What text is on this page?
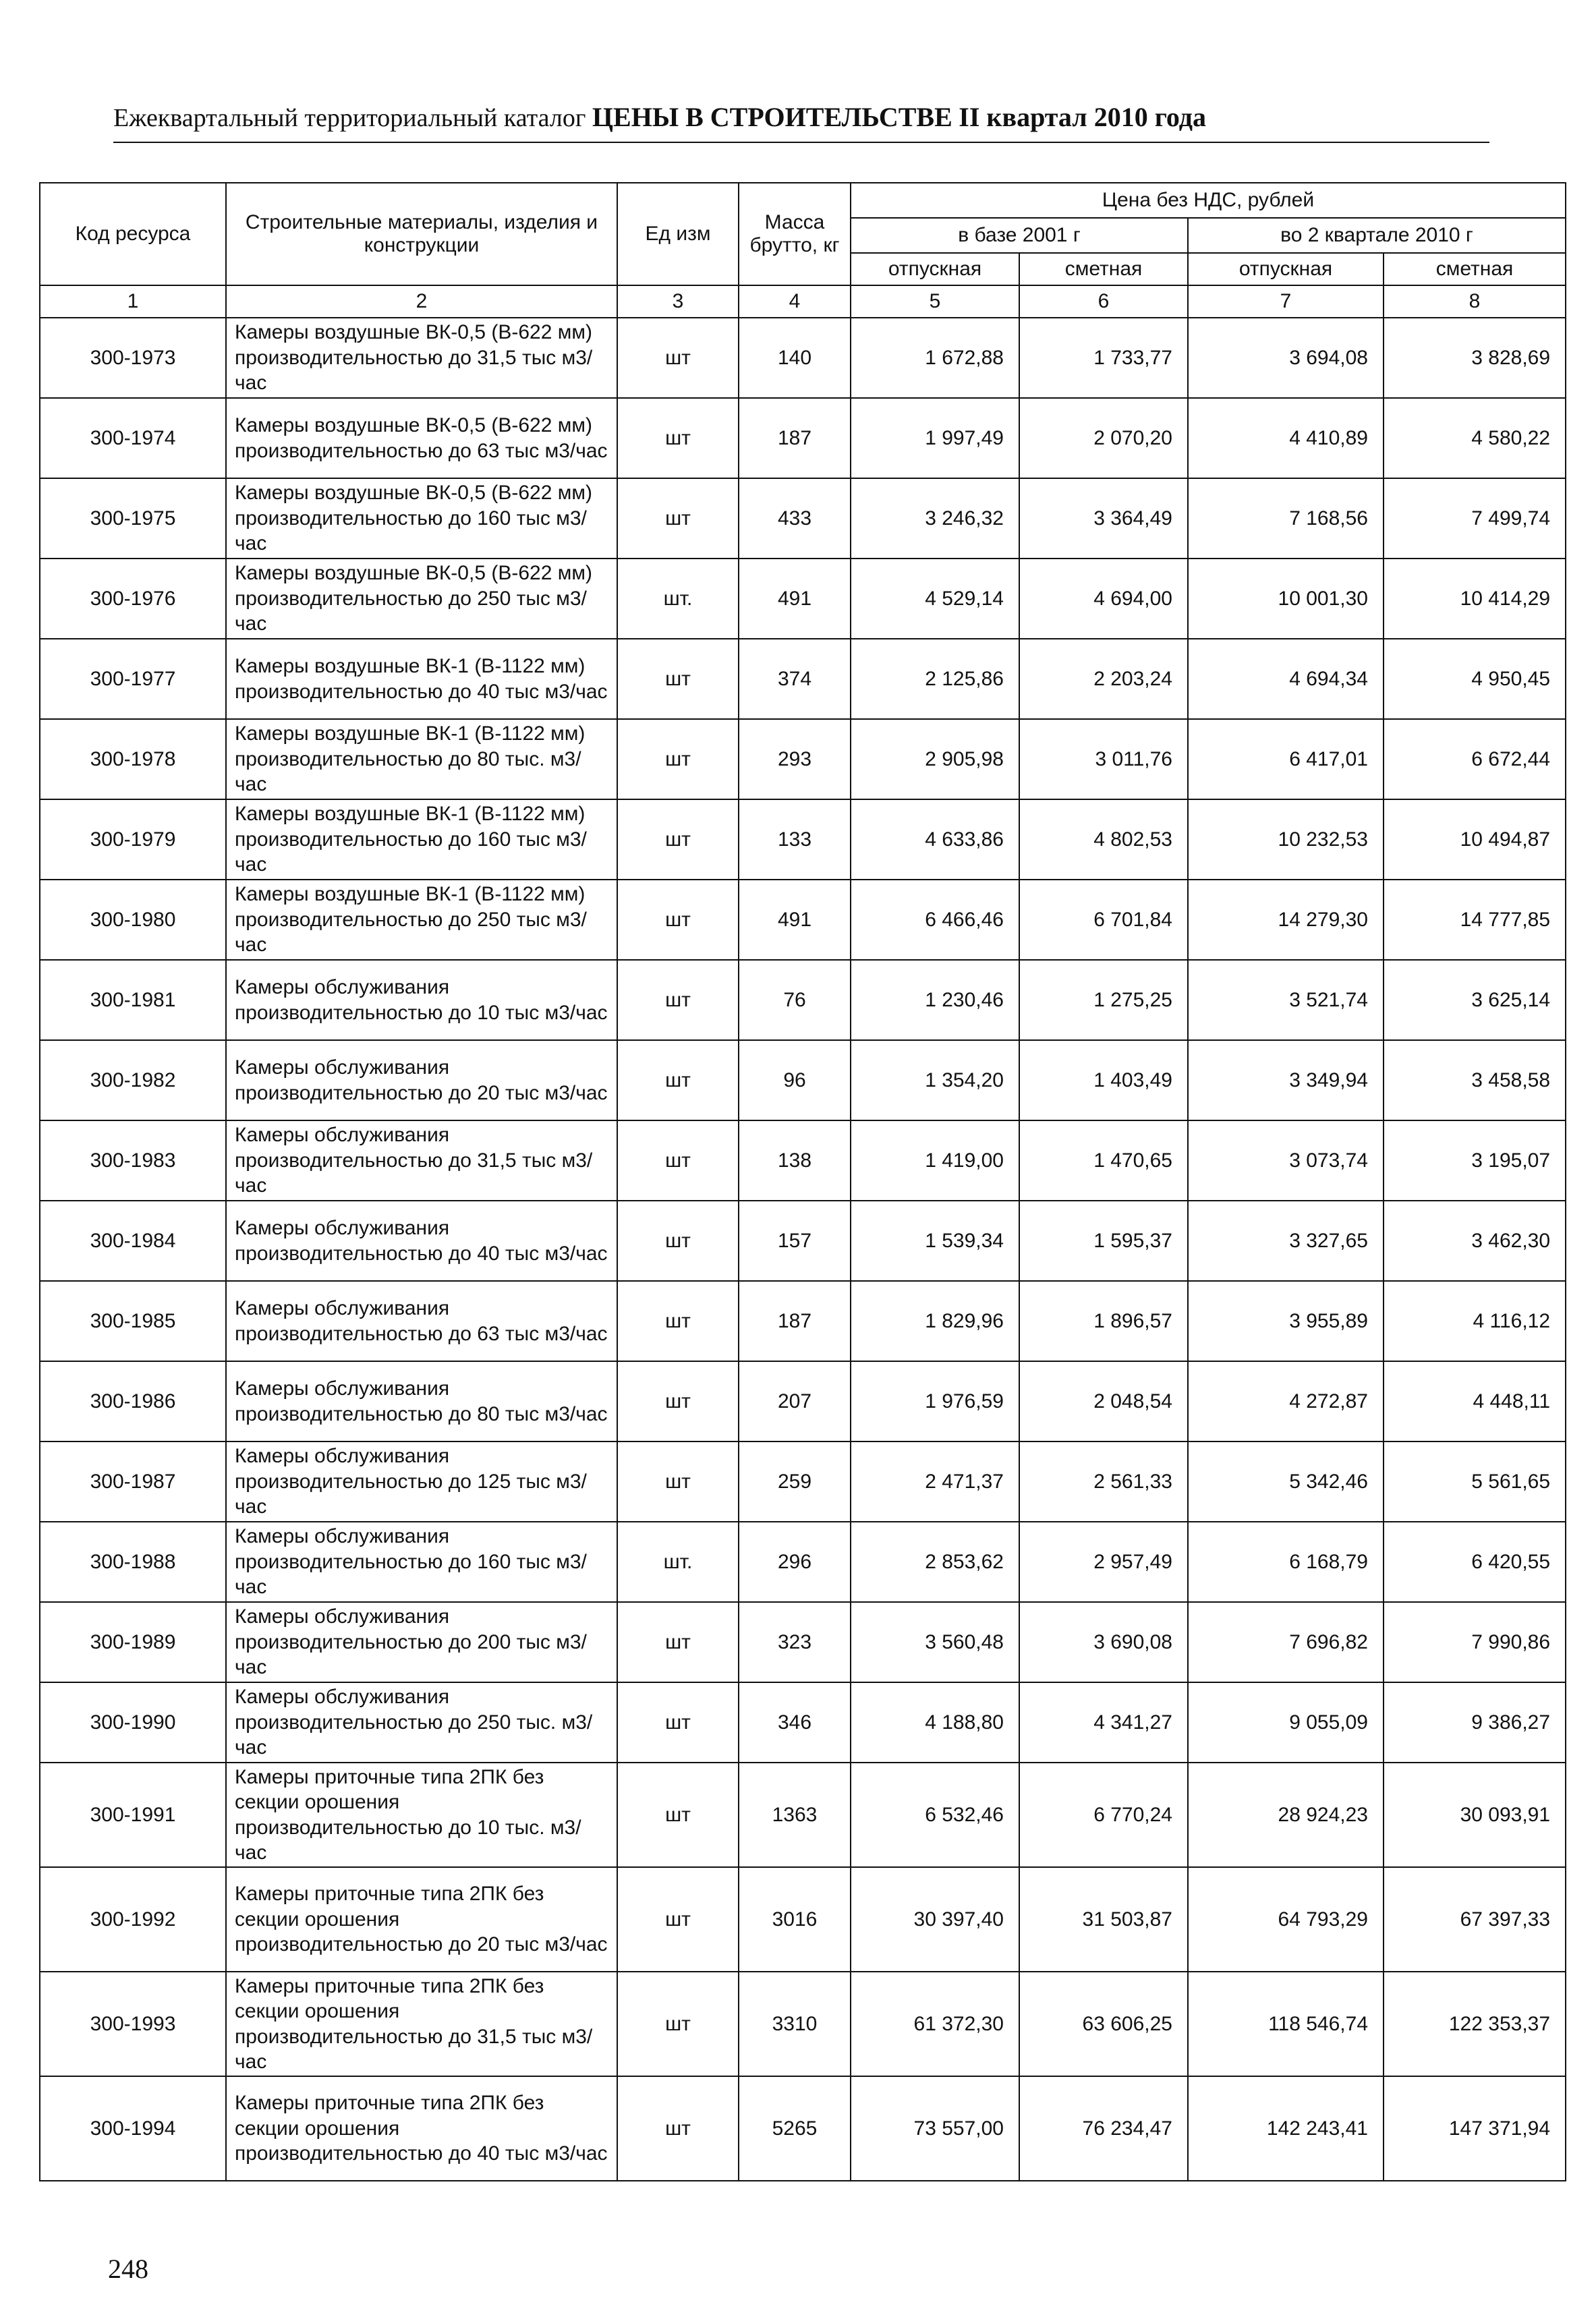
Ежеквартальный территориальный каталог ЦЕНЫ В СТРОИТЕЛЬСТВЕ II квартал 2010 года
Код ресурса	Строительные материалы, изделия и конструкции	Ед изм	Масса брутто, кг	Цена без НДС, рублей			
				в базе 2001 г		во 2 квартале 2010 г	
				отпускная	сметная	отпускная	сметная
1	2	3	4	5	6	7	8
300-1973	Камеры воздушные ВК-0,5 (В-622 мм) производительностью до 31,5 тыс м3/час	шт	140	1 672,88	1 733,77	3 694,08	3 828,69
300-1974	Камеры воздушные ВК-0,5 (В-622 мм) производительностью до 63 тыс м3/час	шт	187	1 997,49	2 070,20	4 410,89	4 580,22
300-1975	Камеры воздушные ВК-0,5 (В-622 мм) производительностью до 160 тыс м3/час	шт	433	3 246,32	3 364,49	7 168,56	7 499,74
300-1976	Камеры воздушные ВК-0,5 (В-622 мм) производительностью до 250 тыс м3/час	шт.	491	4 529,14	4 694,00	10 001,30	10 414,29
300-1977	Камеры воздушные ВК-1 (В-1122 мм) производительностью до 40 тыс м3/час	шт	374	2 125,86	2 203,24	4 694,34	4 950,45
300-1978	Камеры воздушные ВК-1 (В-1122 мм) производительностью до 80 тыс. м3/час	шт	293	2 905,98	3 011,76	6 417,01	6 672,44
300-1979	Камеры воздушные ВК-1 (В-1122 мм) производительностью до 160 тыс м3/час	шт	133	4 633,86	4 802,53	10 232,53	10 494,87
300-1980	Камеры воздушные ВК-1 (В-1122 мм) производительностью до 250 тыс м3/час	шт	491	6 466,46	6 701,84	14 279,30	14 777,85
300-1981	Камеры обслуживания производительностью до 10 тыс м3/час	шт	76	1 230,46	1 275,25	3 521,74	3 625,14
300-1982	Камеры обслуживания производительностью до 20 тыс м3/час	шт	96	1 354,20	1 403,49	3 349,94	3 458,58
300-1983	Камеры обслуживания производительностью до 31,5 тыс м3/час	шт	138	1 419,00	1 470,65	3 073,74	3 195,07
300-1984	Камеры обслуживания производительностью до 40 тыс м3/час	шт	157	1 539,34	1 595,37	3 327,65	3 462,30
300-1985	Камеры обслуживания производительностью до 63 тыс м3/час	шт	187	1 829,96	1 896,57	3 955,89	4 116,12
300-1986	Камеры обслуживания производительностью до 80 тыс м3/час	шт	207	1 976,59	2 048,54	4 272,87	4 448,11
300-1987	Камеры обслуживания производительностью до 125 тыс м3/час	шт	259	2 471,37	2 561,33	5 342,46	5 561,65
300-1988	Камеры обслуживания производительностью до 160 тыс м3/час	шт.	296	2 853,62	2 957,49	6 168,79	6 420,55
300-1989	Камеры обслуживания производительностью до 200 тыс м3/час	шт	323	3 560,48	3 690,08	7 696,82	7 990,86
300-1990	Камеры обслуживания производительностью до 250 тыс. м3/час	шт	346	4 188,80	4 341,27	9 055,09	9 386,27
300-1991	Камеры приточные типа 2ПК без секции орошения производительностью до 10 тыс. м3/час	шт	1363	6 532,46	6 770,24	28 924,23	30 093,91
300-1992	Камеры приточные типа 2ПК без секции орошения производительностью до 20 тыс м3/час	шт	3016	30 397,40	31 503,87	64 793,29	67 397,33
300-1993	Камеры приточные типа 2ПК без секции орошения производительностью до 31,5 тыс м3/час	шт	3310	61 372,30	63 606,25	118 546,74	122 353,37
300-1994	Камеры приточные типа 2ПК без секции орошения производительностью до 40 тыс м3/час	шт	5265	73 557,00	76 234,47	142 243,41	147 371,94
248
